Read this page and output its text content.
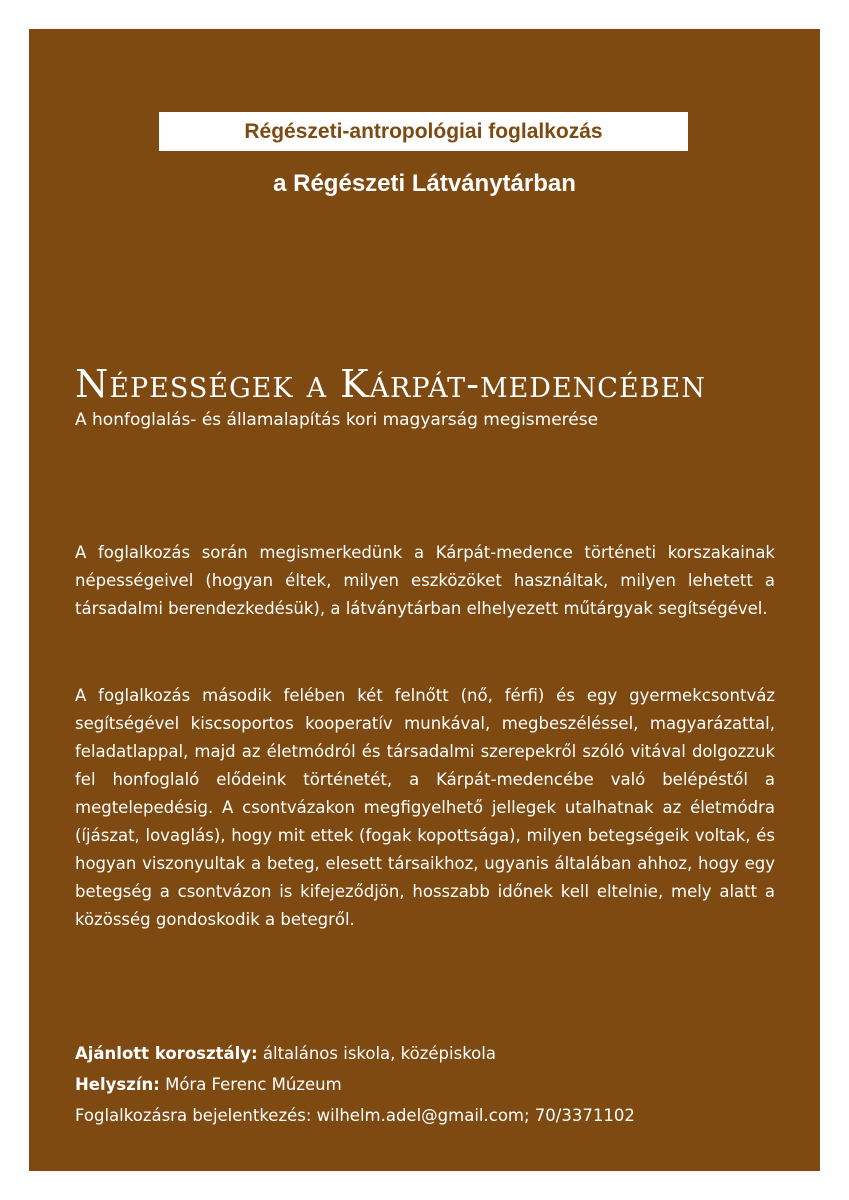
Régészeti-antropológiai foglalkozás
a Régészeti Látványtárban
Népességek a Kárpát-medencében
A honfoglalás- és államalapítás kori magyarság megismerése
A foglalkozás során megismerkedünk a Kárpát-medence történeti korszakainak népességeivel (hogyan éltek, milyen eszközöket használtak, milyen lehetett a társadalmi berendezkedésük), a látványtárban elhelyezett műtárgyak segítségével.
A foglalkozás második felében két felnőtt (nő, férfi) és egy gyermekcsontváz segítségével kiscsoportos kooperatív munkával, megbeszéléssel, magyarázattal, feladatlappal, majd az életmódról és társadalmi szerepekről szóló vitával dolgozzuk fel honfoglaló elődeink történetét, a Kárpát-medencébe való belépéstől a megtelepedésig. A csontvázakon megfigyelhető jellegek utalhatnak az életmódra (íjászat, lovaglás), hogy mit ettek (fogak kopottsága), milyen betegségeik voltak, és hogyan viszonyultak a beteg, elesett társaikhoz, ugyanis általában ahhoz, hogy egy betegség a csontvázon is kifejeződjön, hosszabb időnek kell eltelnie, mely alatt a közösség gondoskodik a betegről.
Ajánlott korosztály: általános iskola, középiskola
Helyszín: Móra Ferenc Múzeum
Foglalkozásra bejelentkezés: wilhelm.adel@gmail.com; 70/3371102
